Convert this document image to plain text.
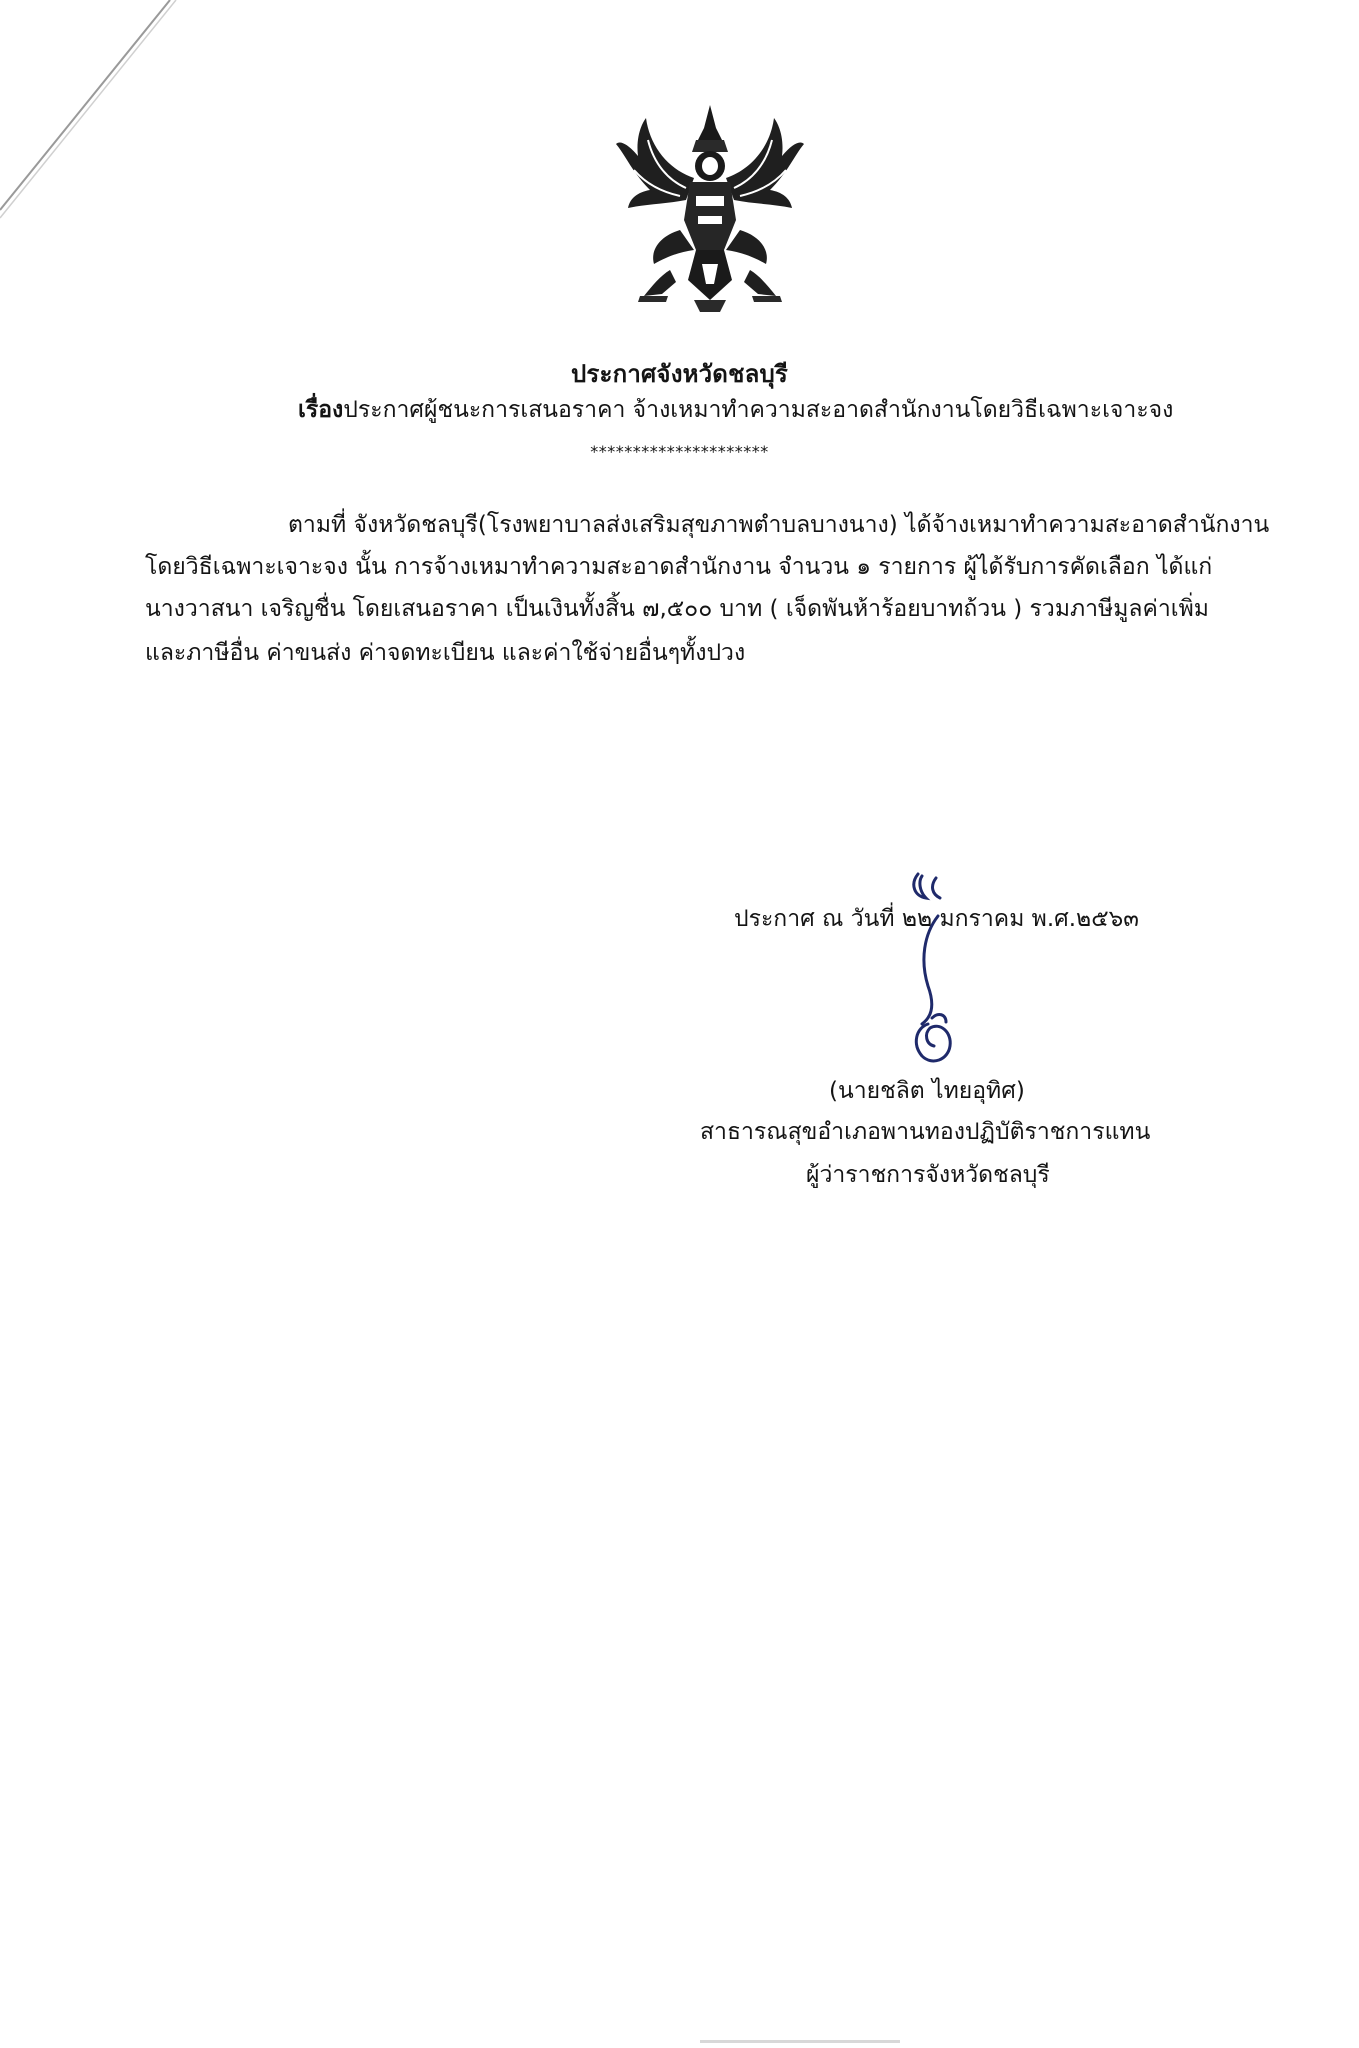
ประกาศจังหวัดชลบุรี
เรื่องประกาศผู้ชนะการเสนอราคา จ้างเหมาทำความสะอาดสำนักงานโดยวิธีเฉพาะเจาะจง
*********************
ตามที่ จังหวัดชลบุรี(โรงพยาบาลส่งเสริมสุขภาพตำบลบางนาง) ได้จ้างเหมาทำความสะอาดสำนักงาน
โดยวิธีเฉพาะเจาะจง นั้น การจ้างเหมาทำความสะอาดสำนักงาน จำนวน ๑ รายการ ผู้ได้รับการคัดเลือก ได้แก่
นางวาสนา เจริญชื่น โดยเสนอราคา เป็นเงินทั้งสิ้น ๗,๕๐๐ บาท ( เจ็ดพันห้าร้อยบาทถ้วน ) รวมภาษีมูลค่าเพิ่ม
และภาษีอื่น ค่าขนส่ง ค่าจดทะเบียน และค่าใช้จ่ายอื่นๆทั้งปวง
ประกาศ ณ วันที่ ๒๒ มกราคม พ.ศ.๒๕๖๓
(นายชลิต ไทยอุทิศ)
สาธารณสุขอำเภอพานทองปฏิบัติราชการแทน
ผู้ว่าราชการจังหวัดชลบุรี
